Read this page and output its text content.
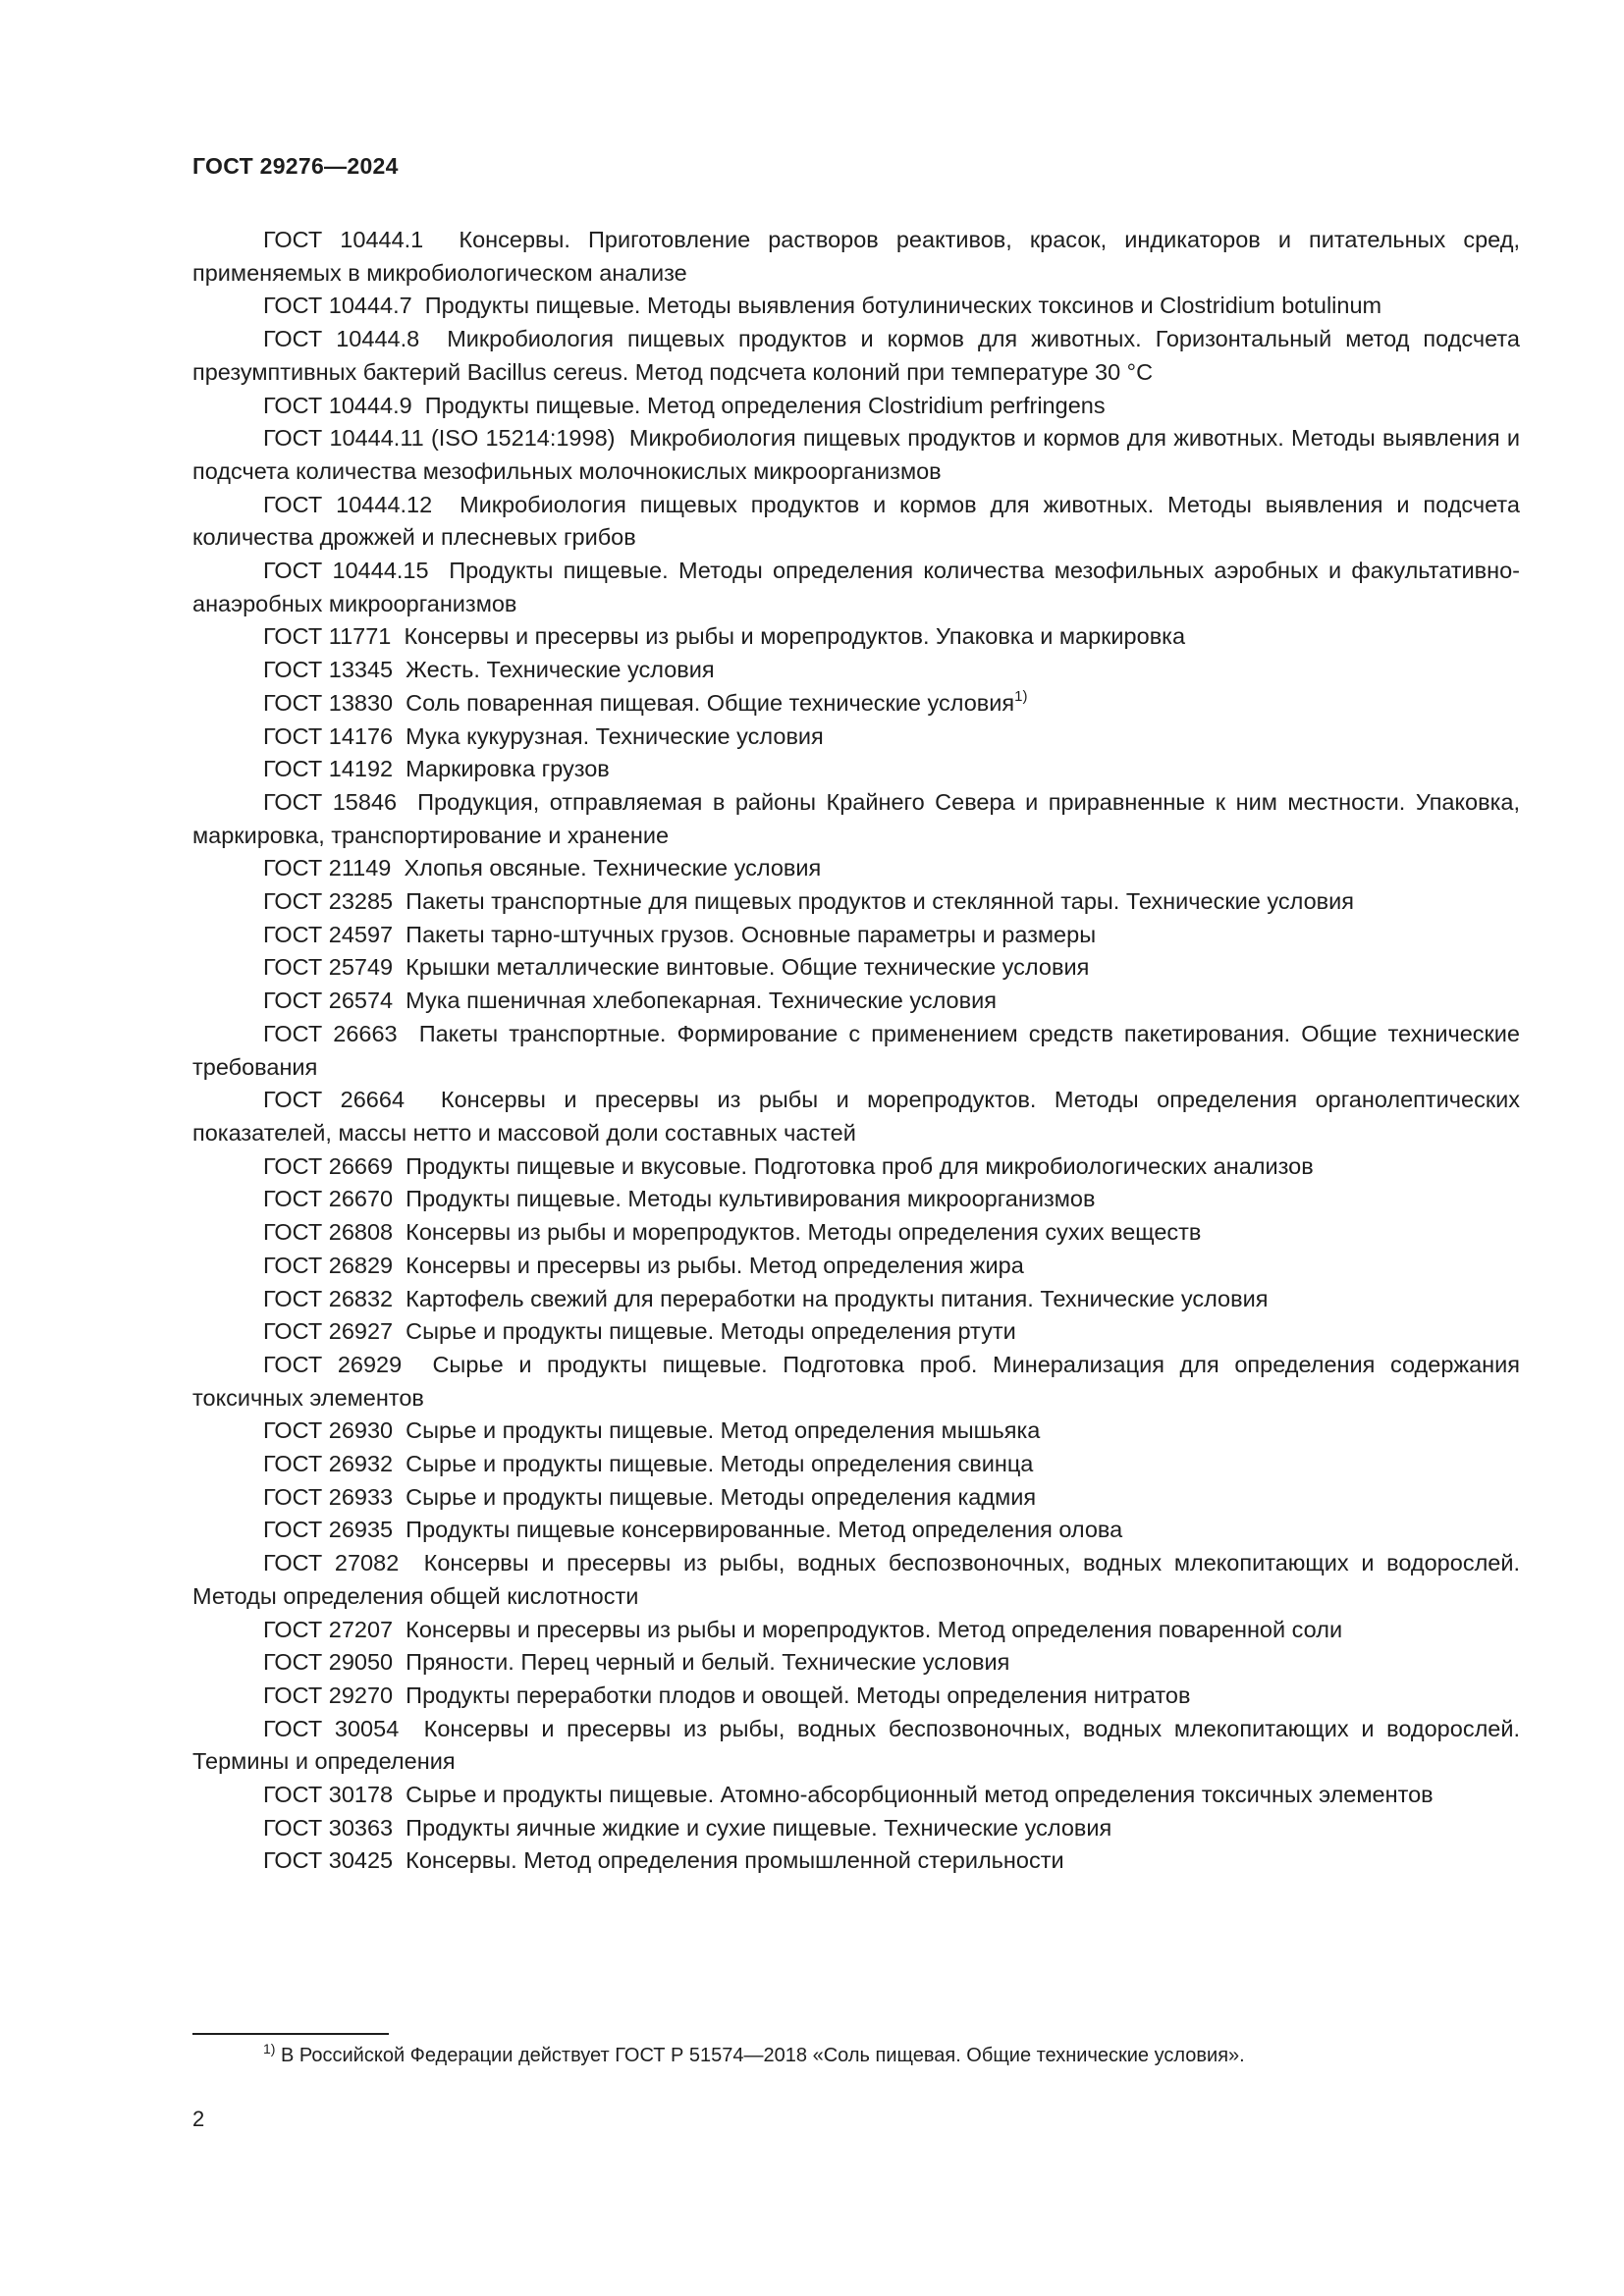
ГОСТ 29276—2024

ГОСТ 10444.1 Консервы. Приготовление растворов реактивов, красок, индикаторов и питательных сред, применяемых в микробиологическом анализе

ГОСТ 10444.7 Продукты пищевые. Методы выявления ботулинических токсинов и Clostridium botulinum

ГОСТ 10444.8 Микробиология пищевых продуктов и кормов для животных. Горизонтальный метод подсчета презумптивных бактерий Bacillus cereus. Метод подсчета колоний при температуре 30 °C

ГОСТ 10444.9 Продукты пищевые. Метод определения Clostridium perfringens

ГОСТ 10444.11 (ISO 15214:1998) Микробиология пищевых продуктов и кормов для животных. Методы выявления и подсчета количества мезофильных молочнокислых микроорганизмов

ГОСТ 10444.12 Микробиология пищевых продуктов и кормов для животных. Методы выявления и подсчета количества дрожжей и плесневых грибов

ГОСТ 10444.15 Продукты пищевые. Методы определения количества мезофильных аэробных и факультативно-анаэробных микроорганизмов

ГОСТ 11771 Консервы и пресервы из рыбы и морепродуктов. Упаковка и маркировка

ГОСТ 13345 Жесть. Технические условия

ГОСТ 13830 Соль поваренная пищевая. Общие технические условия$^{1)}$

ГОСТ 14176 Мука кукурузная. Технические условия

ГОСТ 14192 Маркировка грузов

ГОСТ 15846 Продукция, отправляемая в районы Крайнего Севера и приравненные к ним местности. Упаковка, маркировка, транспортирование и хранение

ГОСТ 21149 Хлопья овсяные. Технические условия

ГОСТ 23285 Пакеты транспортные для пищевых продуктов и стеклянной тары. Технические условия

ГОСТ 24597 Пакеты тарно-штучных грузов. Основные параметры и размеры

ГОСТ 25749 Крышки металлические винтовые. Общие технические условия

ГОСТ 26574 Мука пшеничная хлебопекарная. Технические условия

ГОСТ 26663 Пакеты транспортные. Формирование с применением средств пакетирования. Общие технические требования

ГОСТ 26664 Консервы и пресервы из рыбы и морепродуктов. Методы определения органолептических показателей, массы нетто и массовой доли составных частей

ГОСТ 26669 Продукты пищевые и вкусовые. Подготовка проб для микробиологических анализов

ГОСТ 26670 Продукты пищевые. Методы культивирования микроорганизмов

ГОСТ 26808 Консервы из рыбы и морепродуктов. Методы определения сухих веществ

ГОСТ 26829 Консервы и пресервы из рыбы. Метод определения жира

ГОСТ 26832 Картофель свежий для переработки на продукты питания. Технические условия

ГОСТ 26927 Сырье и продукты пищевые. Методы определения ртути

ГОСТ 26929 Сырье и продукты пищевые. Подготовка проб. Минерализация для определения содержания токсичных элементов

ГОСТ 26930 Сырье и продукты пищевые. Метод определения мышьяка

ГОСТ 26932 Сырье и продукты пищевые. Методы определения свинца

ГОСТ 26933 Сырье и продукты пищевые. Методы определения кадмия

ГОСТ 26935 Продукты пищевые консервированные. Метод определения олова

ГОСТ 27082 Консервы и пресервы из рыбы, водных беспозвоночных, водных млекопитающих и водорослей. Методы определения общей кислотности

ГОСТ 27207 Консервы и пресервы из рыбы и морепродуктов. Метод определения поваренной соли

ГОСТ 29050 Пряности. Перец черный и белый. Технические условия

ГОСТ 29270 Продукты переработки плодов и овощей. Методы определения нитратов

ГОСТ 30054 Консервы и пресервы из рыбы, водных беспозвоночных, водных млекопитающих и водорослей. Термины и определения

ГОСТ 30178 Сырье и продукты пищевые. Атомно-абсорбционный метод определения токсичных элементов

ГОСТ 30363 Продукты яичные жидкие и сухие пищевые. Технические условия

ГОСТ 30425 Консервы. Метод определения промышленной стерильности

$^{1)}$ В Российской Федерации действует ГОСТ Р 51574—2018 «Соль пищевая. Общие технические условия».
2
